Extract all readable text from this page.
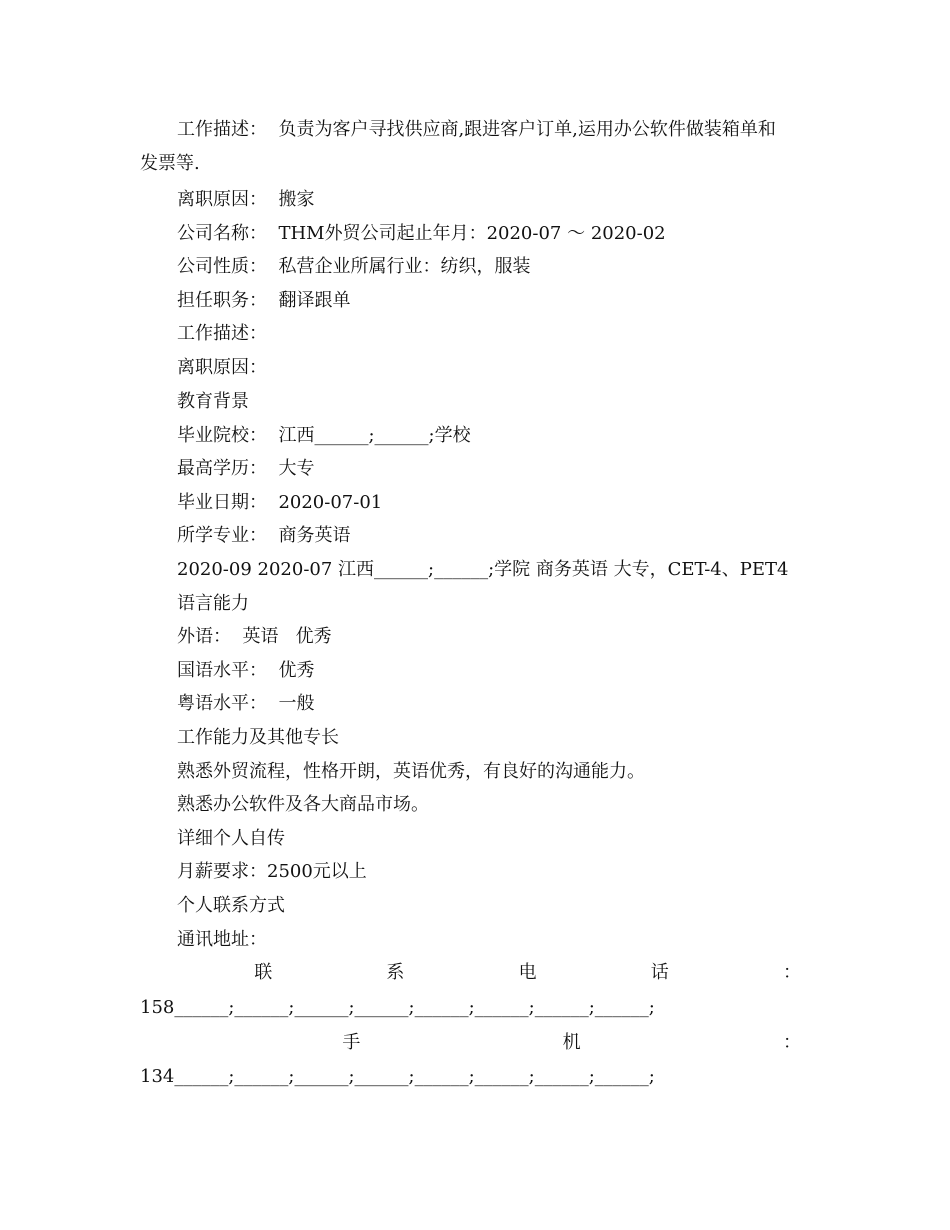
工作描述：  负责为客户寻找供应商,跟进客户订单,运用办公软件做装箱单和
发票等.
离职原因：  搬家
公司名称：  THM外贸公司起止年月：2020-07 ～ 2020-02
公司性质：  私营企业所属行业：纺织，服装
担任职务：  翻译跟单
工作描述：
离职原因：
教育背景
毕业院校：  江西______;______;学校
最高学历：  大专
毕业日期：  2020-07-01
所学专业：  商务英语
2020-09 2020-07 江西______;______;学院 商务英语 大专，CET-4、PET4
语言能力
外语：  英语   优秀
国语水平：  优秀
粤语水平：  一般
工作能力及其他专长
熟悉外贸流程，性格开朗，英语优秀，有良好的沟通能力。
熟悉办公软件及各大商品市场。
详细个人自传
月薪要求：2500元以上
个人联系方式
通讯地址：
联	系	电	话	：
158______;______;______;______;______;______;______;______;
手	机	：
134______;______;______;______;______;______;______;______;
